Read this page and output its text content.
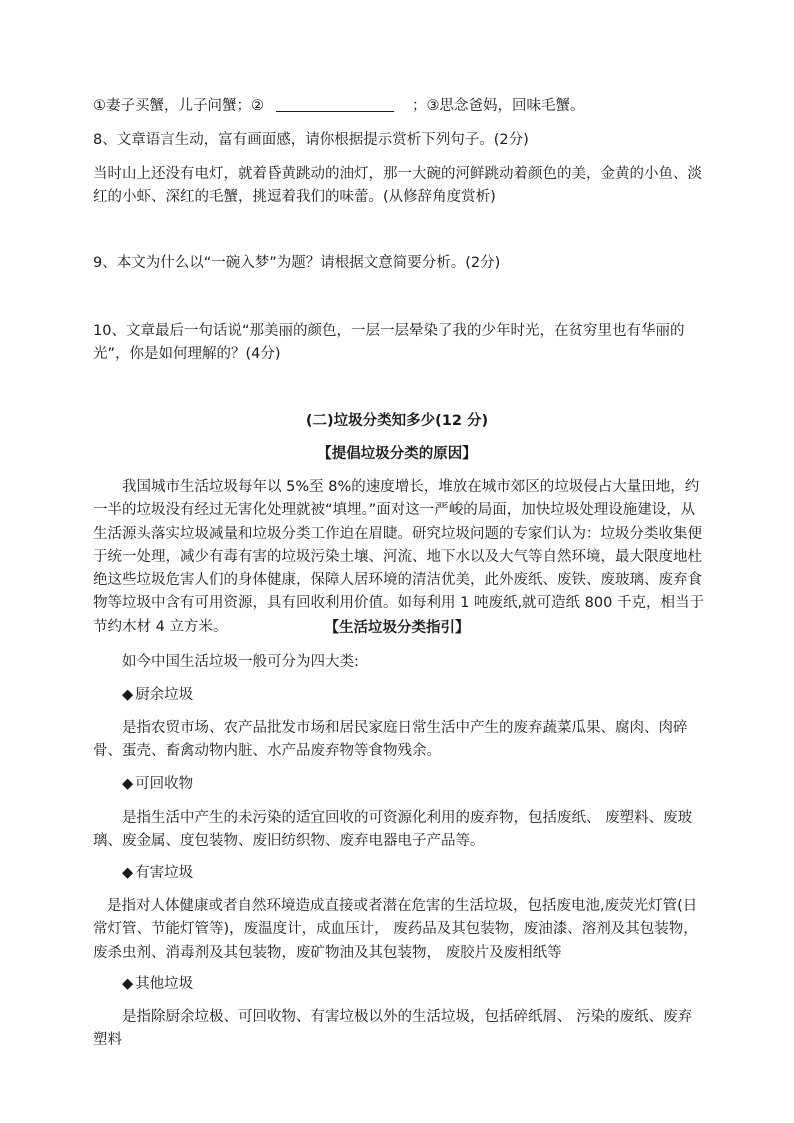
①妻子买蟹，儿子问蟹；②	；③思念爸妈，回味毛蟹。
8、文章语言生动，富有画面感，请你根据提示赏析下列句子。(2分)
当时山上还没有电灯，就着昏黄跳动的油灯，那一大碗的河鲜跳动着颜色的美，金黄的小鱼、淡红的小虾、深红的毛蟹，挑逗着我们的味蕾。(从修辞角度赏析)
9、本文为什么以“一碗入梦”为题？请根据文意简要分析。(2分)
10、文章最后一句话说“那美丽的颜色，一层一层晕染了我的少年时光，在贫穷里也有华丽的光”，你是如何理解的？(4分)
(二)垃圾分类知多少(12 分)
【提倡垃圾分类的原因】
我国城市生活垃圾每年以 5%至 8%的速度增长，堆放在城市郊区的垃圾侵占大量田地，约一半的垃圾没有经过无害化处理就被“填埋。”面对这一严峻的局面，加快垃圾处理设施建设，从生活源头落实垃圾减量和垃圾分类工作迫在眉睫。研究垃圾问题的专家们认为：垃圾分类收集便于统一处理，减少有毒有害的垃圾污染土壤、河流、地下水以及大气等自然环境，最大限度地杜绝这些垃圾危害人们的身体健康，保障人居环境的清洁优美，此外废纸、废铁、废玻璃、废弃食物等垃圾中含有可用资源，具有回收利用价值。如每利用 1 吨废纸,就可造纸 800 千克，相当于节约木材 4 立方米。	【生活垃圾分类指引】
如今中国生活垃圾一般可分为四大类:
◆ 厨余垃圾
是指农贸市场、农产品批发市场和居民家庭日常生活中产生的废弃蔬菜瓜果、腐肉、肉碎骨、蛋壳、畜禽动物内脏、水产品废弃物等食物残余。
◆ 可回收物
是指生活中产生的未污染的适宜回收的可资源化利用的废弃物，包括废纸、 废塑料、废玻璃、废金属、度包装物、废旧纺织物、废弃电器电子产品等。
◆ 有害垃圾
是指对人体健康或者自然环境造成直接或者潜在危害的生活垃圾，包括废电池,废荧光灯管(日常灯管、节能灯管等)，废温度计，成血压计， 废药品及其包装物，废油漆、溶剂及其包装物，废杀虫剂、消毒剂及其包装物，废矿物油及其包装物， 废胶片及废相纸等
◆ 其他垃圾
是指除厨余垃极、可回收物、有害垃极以外的生活垃圾，包括碎纸屑、 污染的废纸、废弃塑料
